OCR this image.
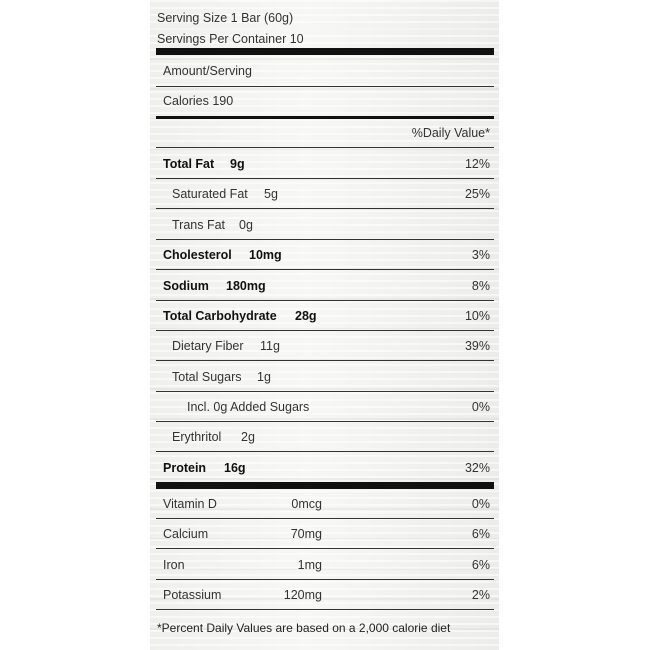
Serving Size 1 Bar (60g)
Servings Per Container 10
Amount/Serving
Calories 190
%Daily Value*
Total Fat 9g	12%
Saturated Fat 5g	25%
Trans Fat 0g
Cholesterol 10mg	3%
Sodium 180mg	8%
Total Carbohydrate 28g	10%
Dietary Fiber 11g	39%
Total Sugars 1g
Incl. 0g Added Sugars	0%
Erythritol 2g
Protein 16g	32%
Vitamin D	0mcg	0%
Calcium	70mg	6%
Iron	1mg	6%
Potassium	120mg	2%
*Percent Daily Values are based on a 2,000 calorie diet
